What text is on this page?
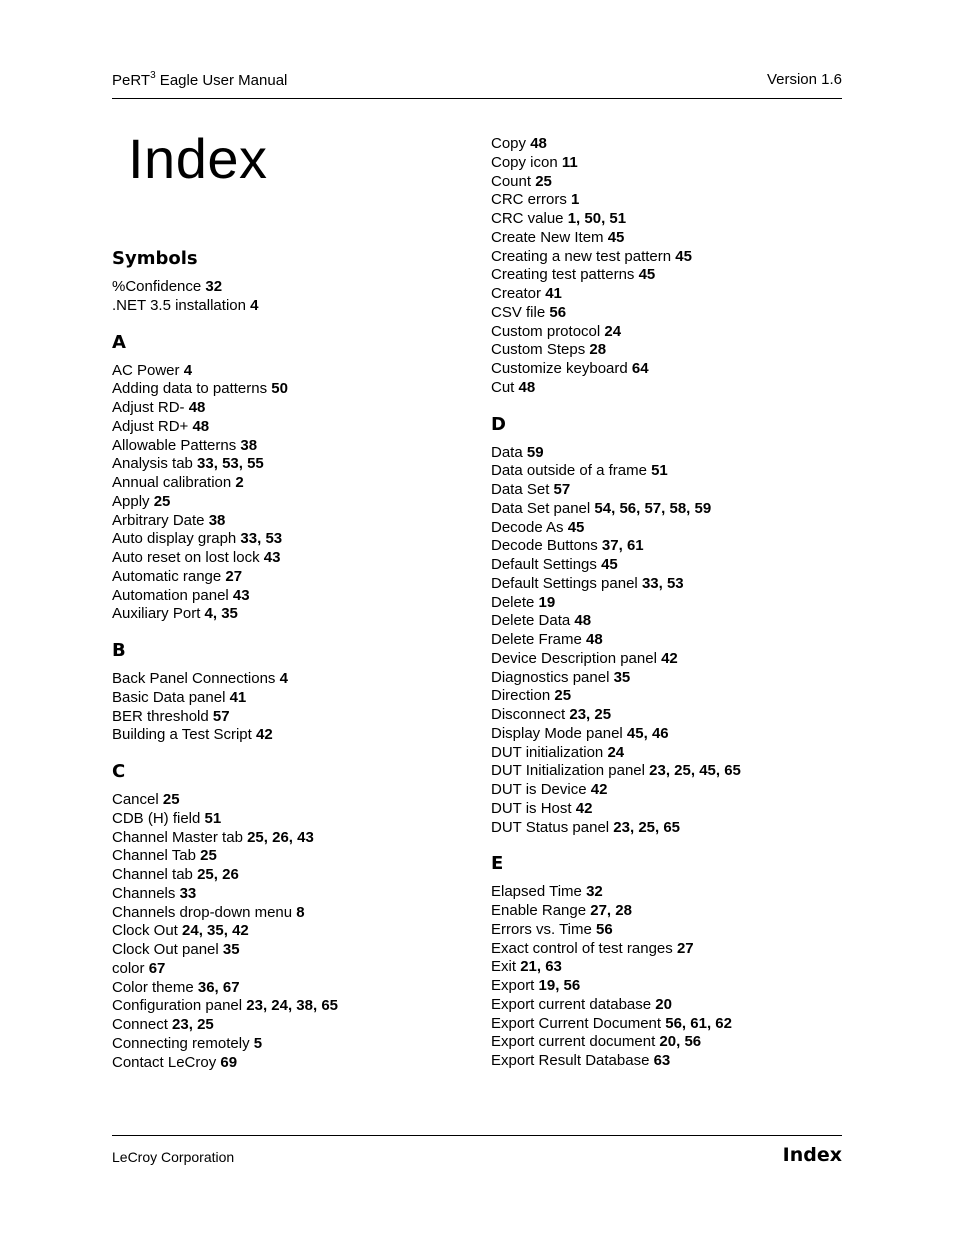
PeRT$^3$ Eagle User Manual	Version 1.6
Index
Symbols
%Confidence 32
.NET 3.5 installation 4
A
AC Power 4
Adding data to patterns 50
Adjust RD- 48
Adjust RD+ 48
Allowable Patterns 38
Analysis tab 33, 53, 55
Annual calibration 2
Apply 25
Arbitrary Date 38
Auto display graph 33, 53
Auto reset on lost lock 43
Automatic range 27
Automation panel 43
Auxiliary Port 4, 35
B
Back Panel Connections 4
Basic Data panel 41
BER threshold 57
Building a Test Script 42
C
Cancel 25
CDB (H) field 51
Channel Master tab 25, 26, 43
Channel Tab 25
Channel tab 25, 26
Channels 33
Channels drop-down menu 8
Clock Out 24, 35, 42
Clock Out panel 35
color 67
Color theme 36, 67
Configuration panel 23, 24, 38, 65
Connect 23, 25
Connecting remotely 5
Contact LeCroy 69
Copy 48
Copy icon 11
Count 25
CRC errors 1
CRC value 1, 50, 51
Create New Item 45
Creating a new test pattern 45
Creating test patterns 45
Creator 41
CSV file 56
Custom protocol 24
Custom Steps 28
Customize keyboard 64
Cut 48
D
Data 59
Data outside of a frame 51
Data Set 57
Data Set panel 54, 56, 57, 58, 59
Decode As 45
Decode Buttons 37, 61
Default Settings 45
Default Settings panel 33, 53
Delete 19
Delete Data 48
Delete Frame 48
Device Description panel 42
Diagnostics panel 35
Direction 25
Disconnect 23, 25
Display Mode panel 45, 46
DUT initialization 24
DUT Initialization panel 23, 25, 45, 65
DUT is Device 42
DUT is Host 42
DUT Status panel 23, 25, 65
E
Elapsed Time 32
Enable Range 27, 28
Errors vs. Time 56
Exact control of test ranges 27
Exit 21, 63
Export 19, 56
Export current database 20
Export Current Document 56, 61, 62
Export current document 20, 56
Export Result Database 63
LeCroy Corporation	Index
